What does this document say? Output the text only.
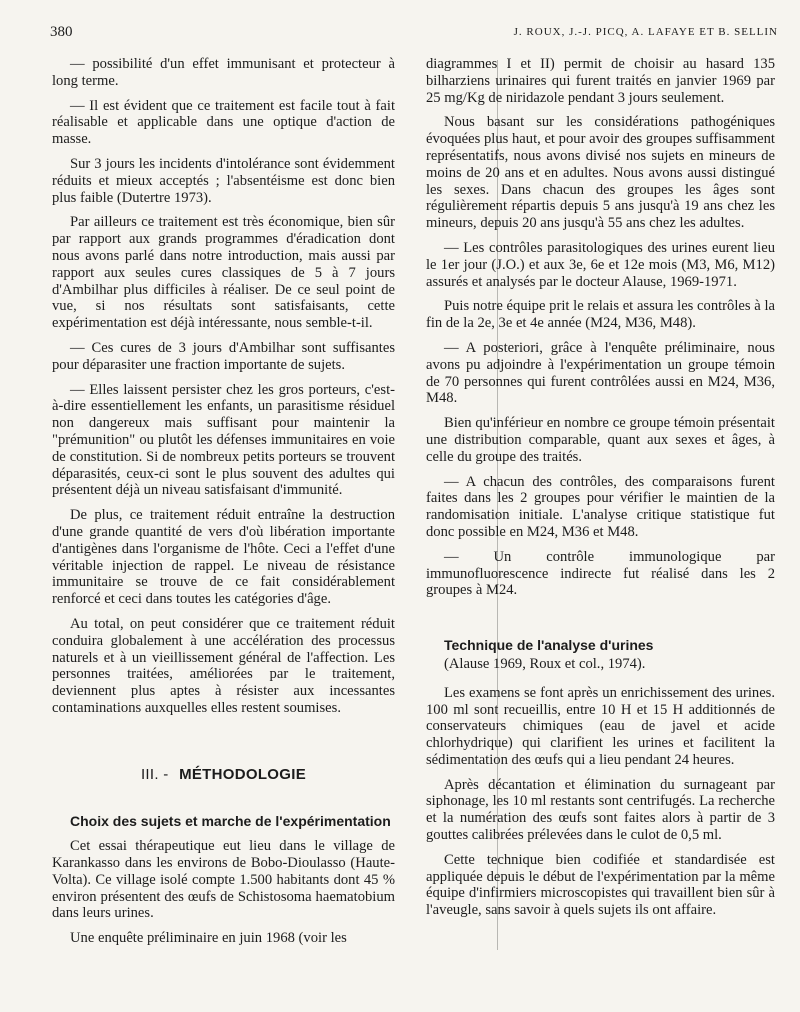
380	J. ROUX, J.-J. PICQ, A. LAFAYE ET B. SELLIN

— possibilité d'un effet immunisant et protecteur à long terme.

— Il est évident que ce traitement est facile tout à fait réalisable et applicable dans une optique d'action de masse.

Sur 3 jours les incidents d'intolérance sont évidemment réduits et mieux acceptés ; l'absentéisme est donc bien plus faible (Dutertre 1973).

Par ailleurs ce traitement est très économique, bien sûr par rapport aux grands programmes d'éradication dont nous avons parlé dans notre introduction, mais aussi par rapport aux seules cures classiques de 5 à 7 jours d'Ambilhar plus difficiles à réaliser. De ce seul point de vue, si nos résultats sont satisfaisants, cette expérimentation est déjà intéressante, nous semble-t-il.

— Ces cures de 3 jours d'Ambilhar sont suffisantes pour déparasiter une fraction importante de sujets.

— Elles laissent persister chez les gros porteurs, c'est-à-dire essentiellement les enfants, un parasitisme résiduel non dangereux mais suffisant pour maintenir la "prémunition" ou plutôt les défenses immunitaires en voie de constitution. Si de nombreux petits porteurs se trouvent déparasités, ceux-ci sont le plus souvent des adultes qui présentent déjà un niveau satisfaisant d'immunité.

De plus, ce traitement réduit entraîne la destruction d'une grande quantité de vers d'où libération importante d'antigènes dans l'organisme de l'hôte. Ceci a l'effet d'une véritable injection de rappel. Le niveau de résistance immunitaire se trouve de ce fait considérablement renforcé et ceci dans toutes les catégories d'âge.

Au total, on peut considérer que ce traitement réduit conduira globalement à une accélération des processus naturels et à un vieillissement général de l'affection. Les personnes traitées, améliorées par le traitement, deviennent plus aptes à résister aux incessantes contaminations auxquelles elles restent soumises.

III. - MÉTHODOLOGIE

Choix des sujets et marche de l'expérimentation

Cet essai thérapeutique eut lieu dans le village de Karankasso dans les environs de Bobo-Dioulasso (Haute-Volta). Ce village isolé compte 1.500 habitants dont 45 % environ présentent des œufs de Schistosoma haematobium dans leurs urines.

Une enquête préliminaire en juin 1968 (voir les

diagrammes I et II) permit de choisir au hasard 135 bilharziens urinaires qui furent traités en janvier 1969 par 25 mg/Kg de niridazole pendant 3 jours seulement.

Nous basant sur les considérations pathogéniques évoquées plus haut, et pour avoir des groupes suffisamment représentatifs, nous avons divisé nos sujets en mineurs de moins de 20 ans et en adultes. Nous avons aussi distingué les sexes. Dans chacun des groupes les âges sont régulièrement répartis depuis 5 ans jusqu'à 19 ans chez les mineurs, depuis 20 ans jusqu'à 55 ans chez les adultes.

— Les contrôles parasitologiques des urines eurent lieu le 1er jour (J.O.) et aux 3e, 6e et 12e mois (M3, M6, M12) assurés et analysés par le docteur Alause, 1969-1971.

Puis notre équipe prit le relais et assura les contrôles à la fin de la 2e, 3e et 4e année (M24, M36, M48).

— A posteriori, grâce à l'enquête préliminaire, nous avons pu adjoindre à l'expérimentation un groupe témoin de 70 personnes qui furent contrôlées aussi en M24, M36, M48.

Bien qu'inférieur en nombre ce groupe témoin présentait une distribution comparable, quant aux sexes et âges, à celle du groupe des traités.

— A chacun des contrôles, des comparaisons furent faites dans les 2 groupes pour vérifier le maintien de la randomisation initiale. L'analyse critique statistique fut donc possible en M24, M36 et M48.

— Un contrôle immunologique par immunofluorescence indirecte fut réalisé dans les 2 groupes à M24.

Technique de l'analyse d'urines

(Alause 1969, Roux et col., 1974).

Les examens se font après un enrichissement des urines. 100 ml sont recueillis, entre 10 H et 15 H additionnés de conservateurs chimiques (eau de javel et acide chlorhydrique) qui clarifient les urines et facilitent la sédimentation des œufs qui a lieu pendant 24 heures.

Après décantation et élimination du surnageant par siphonage, les 10 ml restants sont centrifugés. La recherche et la numération des œufs sont faites alors à partir de 3 gouttes calibrées prélevées dans le culot de 0,5 ml.

Cette technique bien codifiée et standardisée est appliquée depuis le début de l'expérimentation par la même équipe d'infirmiers microscopistes qui travaillent bien sûr à l'aveugle, sans savoir à quels sujets ils ont affaire.
